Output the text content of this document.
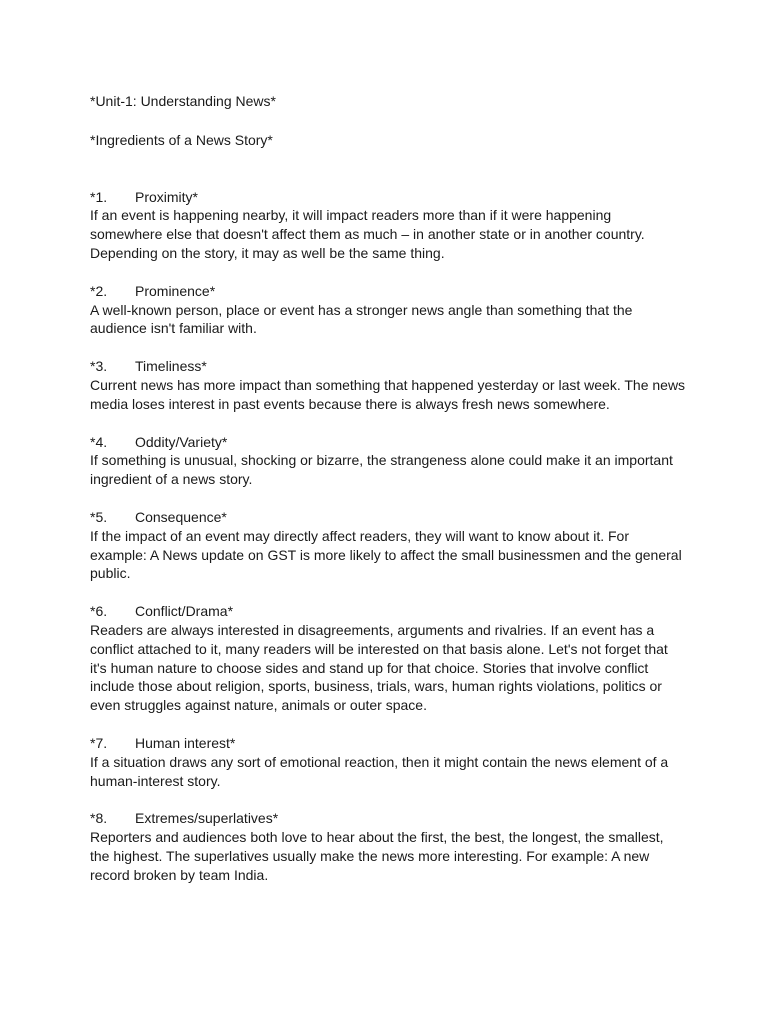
*Unit-1: Understanding News*

*Ingredients of a News Story*

*1. Proximity*

If an event is happening nearby, it will impact readers more than if it were happening
somewhere else that doesn't affect them as much – in another state or in another country.
Depending on the story, it may as well be the same thing.

*2. Prominence*

A well-known person, place or event has a stronger news angle than something that the
audience isn't familiar with.

*3. Timeliness*

Current news has more impact than something that happened yesterday or last week. The news
media loses interest in past events because there is always fresh news somewhere.

*4. Oddity/Variety*

If something is unusual, shocking or bizarre, the strangeness alone could make it an important
ingredient of a news story.

*5. Consequence*

If the impact of an event may directly affect readers, they will want to know about it. For
example: A News update on GST is more likely to affect the small businessmen and the general
public.

*6. Conflict/Drama*

Readers are always interested in disagreements, arguments and rivalries. If an event has a
conflict attached to it, many readers will be interested on that basis alone. Let's not forget that
it's human nature to choose sides and stand up for that choice. Stories that involve conflict
include those about religion, sports, business, trials, wars, human rights violations, politics or
even struggles against nature, animals or outer space.

*7. Human interest*

If a situation draws any sort of emotional reaction, then it might contain the news element of a
human-interest story.

*8. Extremes/superlatives*

Reporters and audiences both love to hear about the first, the best, the longest, the smallest,
the highest. The superlatives usually make the news more interesting. For example: A new
record broken by team India.
